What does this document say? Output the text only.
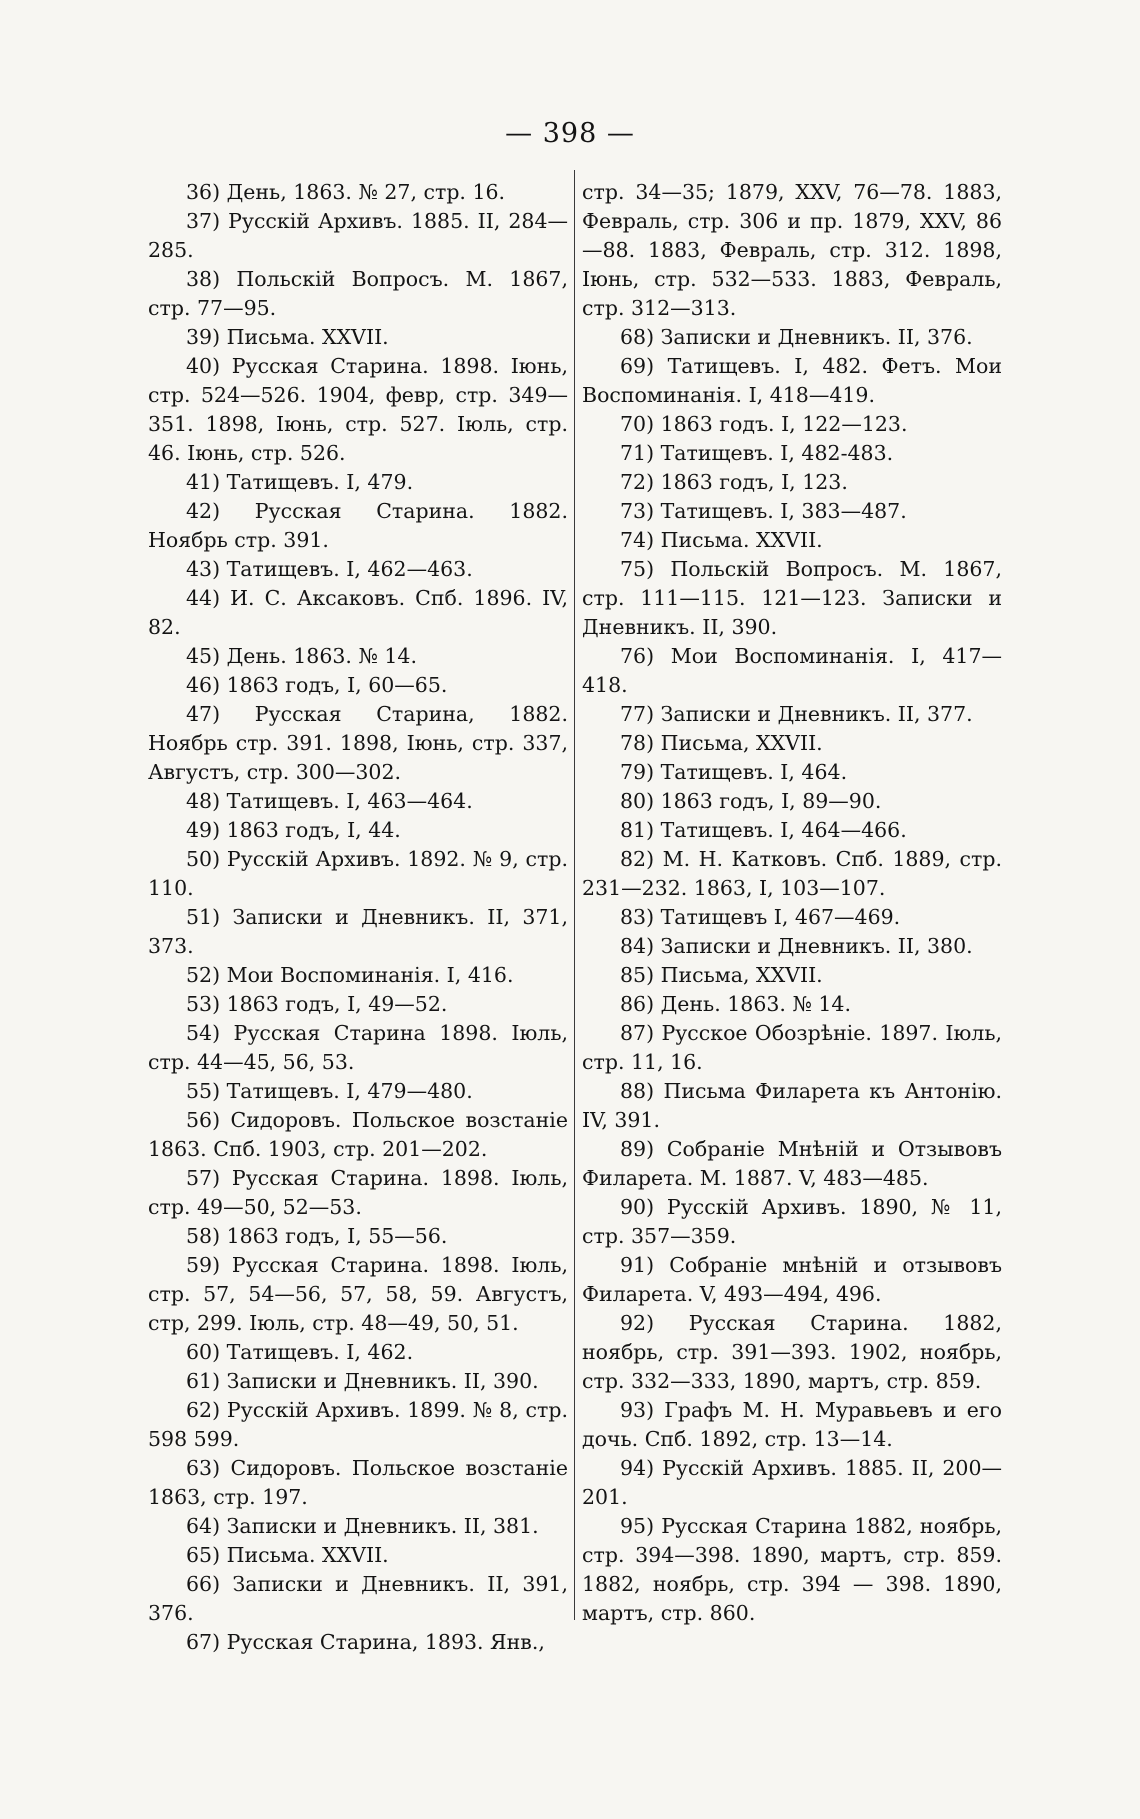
— 398 —

36) День, 1863. № 27, стр. 16.

37) Русскій Архивъ. 1885. II, 284—285.

38) Польскій Вопросъ. М. 1867, стр. 77—95.

39) Письма. XXVII.

40) Русская Старина. 1898. Іюнь, стр. 524—526. 1904, февр, стр. 349—351. 1898, Іюнь, стр. 527. Іюль, стр. 46. Іюнь, стр. 526.

41) Татищевъ. I, 479.

42) Русская Старина. 1882. Ноябрь стр. 391.

43) Татищевъ. I, 462—463.

44) И. С. Аксаковъ. Спб. 1896. IV, 82.

45) День. 1863. № 14.

46) 1863 годъ, I, 60—65.

47) Русская Старина, 1882. Ноябрь стр. 391. 1898, Іюнь, стр. 337, Августъ, стр. 300—302.

48) Татищевъ. I, 463—464.

49) 1863 годъ, I, 44.

50) Русскій Архивъ. 1892. № 9, стр. 110.

51) Записки и Дневникъ. II, 371, 373.

52) Мои Воспоминанія. I, 416.

53) 1863 годъ, I, 49—52.

54) Русская Старина 1898. Іюль, стр. 44—45, 56, 53.

55) Татищевъ. I, 479—480.

56) Сидоровъ. Польское возстаніе 1863. Спб. 1903, стр. 201—202.

57) Русская Старина. 1898. Іюль, стр. 49—50, 52—53.

58) 1863 годъ, I, 55—56.

59) Русская Старина. 1898. Іюль, стр. 57, 54—56, 57, 58, 59. Августъ, стр, 299. Іюль, стр. 48—49, 50, 51.

60) Татищевъ. I, 462.

61) Записки и Дневникъ. II, 390.

62) Русскій Архивъ. 1899. № 8, стр. 598 599.

63) Сидоровъ. Польское возстаніе 1863, стр. 197.

64) Записки и Дневникъ. II, 381.

65) Письма. XXVII.

66) Записки и Дневникъ. II, 391, 376.

67) Русская Старина, 1893. Янв.,

стр. 34—35; 1879, XXV, 76—78. 1883, Февраль, стр. 306 и пр. 1879, XXV, 86—88. 1883, Февраль, стр. 312. 1898, Іюнь, стр. 532—533. 1883, Февраль, стр. 312—313.

68) Записки и Дневникъ. II, 376.

69) Татищевъ. I, 482. Фетъ. Мои Воспоминанія. I, 418—419.

70) 1863 годъ. I, 122—123.

71) Татищевъ. I, 482-483.

72) 1863 годъ, I, 123.

73) Татищевъ. I, 383—487.

74) Письма. XXVII.

75) Польскій Вопросъ. М. 1867, стр. 111—115. 121—123. Записки и Дневникъ. II, 390.

76) Мои Воспоминанія. I, 417—418.

77) Записки и Дневникъ. II, 377.

78) Письма, XXVII.

79) Татищевъ. I, 464.

80) 1863 годъ, I, 89—90.

81) Татищевъ. I, 464—466.

82) М. Н. Катковъ. Спб. 1889, стр. 231—232. 1863, I, 103—107.

83) Татищевъ I, 467—469.

84) Записки и Дневникъ. II, 380.

85) Письма, XXVII.

86) День. 1863. № 14.

87) Русское Обозрѣніе. 1897. Іюль, стр. 11, 16.

88) Письма Филарета къ Антонію. IV, 391.

89) Собраніе Мнѣній и Отзывовъ Филарета. М. 1887. V, 483—485.

90) Русскій Архивъ. 1890, № 11, стр. 357—359.

91) Собраніе мнѣній и отзывовъ Филарета. V, 493—494, 496.

92) Русская Старина. 1882, ноябрь, стр. 391—393. 1902, ноябрь, стр. 332—333, 1890, мартъ, стр. 859.

93) Графъ М. Н. Муравьевъ и его дочь. Спб. 1892, стр. 13—14.

94) Русскій Архивъ. 1885. II, 200—201.

95) Русская Старина 1882, ноябрь, стр. 394—398. 1890, мартъ, стр. 859. 1882, ноябрь, стр. 394 — 398. 1890, мартъ, стр. 860.
